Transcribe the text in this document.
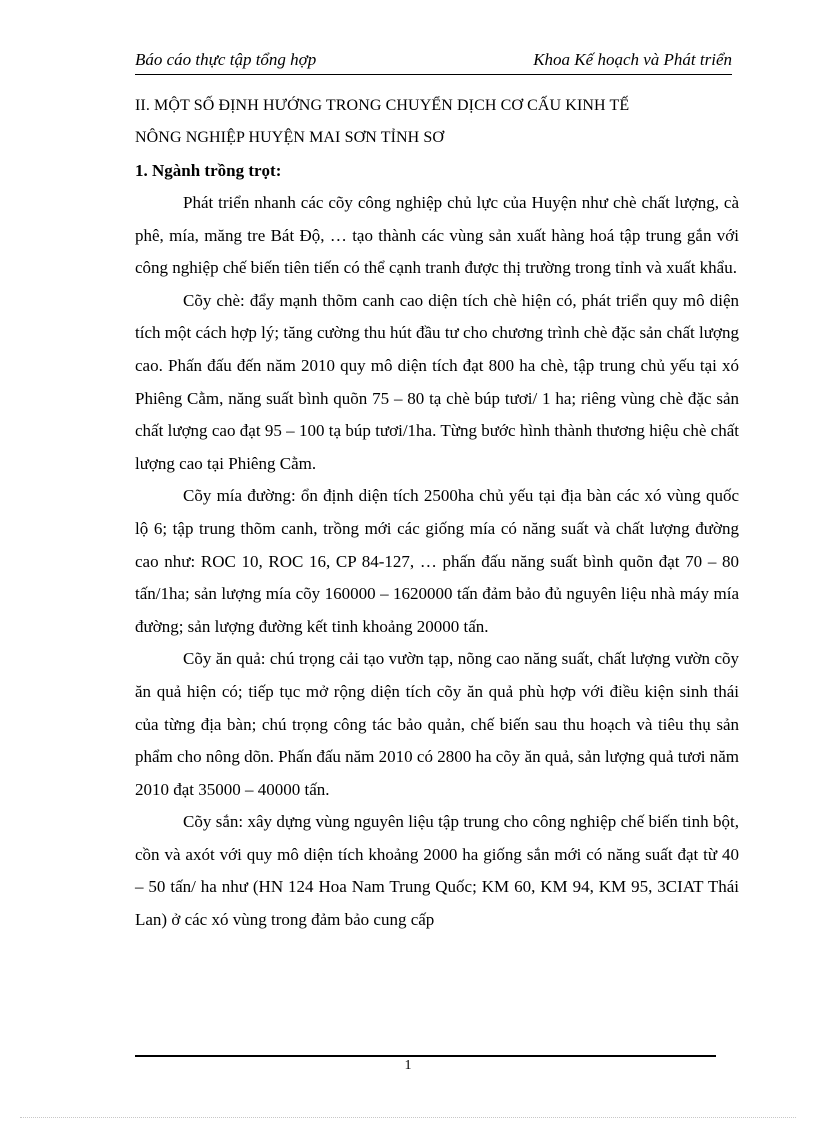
Báo cáo thực tập tổng hợp	Khoa Kế hoạch và Phát triển

II. MỘT SỐ ĐỊNH HƯỚNG TRONG CHUYỂN DỊCH CƠ CẤU KINH TẾ

NÔNG NGHIỆP HUYỆN MAI SƠN TỈNH SƠ

1. Ngành trồng trọt:

Phát triển nhanh các cõy công nghiệp chủ lực của Huyện như chè chất lượng, cà phê, mía, măng tre Bát Độ, … tạo thành các vùng sản xuất hàng hoá tập trung gắn với công nghiệp chế biến tiên tiến có thể cạnh tranh được thị trường trong tỉnh và xuất khẩu.

Cõy chè: đẩy mạnh thõm canh cao diện tích chè hiện có, phát triển quy mô diện tích một cách hợp lý; tăng cường thu hút đầu tư cho chương trình chè đặc sản chất lượng cao. Phấn đấu đến năm 2010 quy mô diện tích đạt 800 ha chè, tập trung chủ yếu tại xó Phiêng Cằm, năng suất bình quõn 75 – 80 tạ chè búp tươi/ 1 ha; riêng vùng chè đặc sản chất lượng cao đạt 95 – 100 tạ búp tươi/1ha. Từng bước hình thành thương hiệu chè chất lượng cao tại Phiêng Cằm.

Cõy mía đường: ổn định diện tích 2500ha chủ yếu tại địa bàn các xó vùng quốc lộ 6; tập trung thõm canh, trồng mới các giống mía có năng suất và chất lượng đường cao như: ROC 10, ROC 16, CP 84-127, … phấn đấu năng suất bình quõn đạt 70 – 80 tấn/1ha; sản lượng mía cõy 160000 – 1620000 tấn đảm bảo đủ nguyên liệu nhà máy mía đường; sản lượng đường kết tinh khoảng 20000 tấn.

Cõy ăn quả: chú trọng cải tạo vườn tạp, nõng cao năng suất, chất lượng vườn cõy ăn quả hiện có; tiếp tục mở rộng diện tích cõy ăn quả phù hợp với điều kiện sinh thái của từng địa bàn; chú trọng công tác bảo quản, chế biến sau thu hoạch và tiêu thụ sản phẩm cho nông dõn. Phấn đấu năm 2010 có 2800 ha cõy ăn quả, sản lượng quả tươi năm 2010 đạt 35000 – 40000 tấn.

Cõy sắn: xây dựng vùng nguyên liệu tập trung cho công nghiệp chế biến tinh bột, cồn và axót với quy mô diện tích khoảng 2000 ha giống sắn mới có năng suất đạt từ 40 – 50 tấn/ ha như (HN 124 Hoa Nam Trung Quốc; KM 60, KM 94, KM 95, 3CIAT Thái Lan) ở các xó vùng trong đảm bảo cung cấp

1
